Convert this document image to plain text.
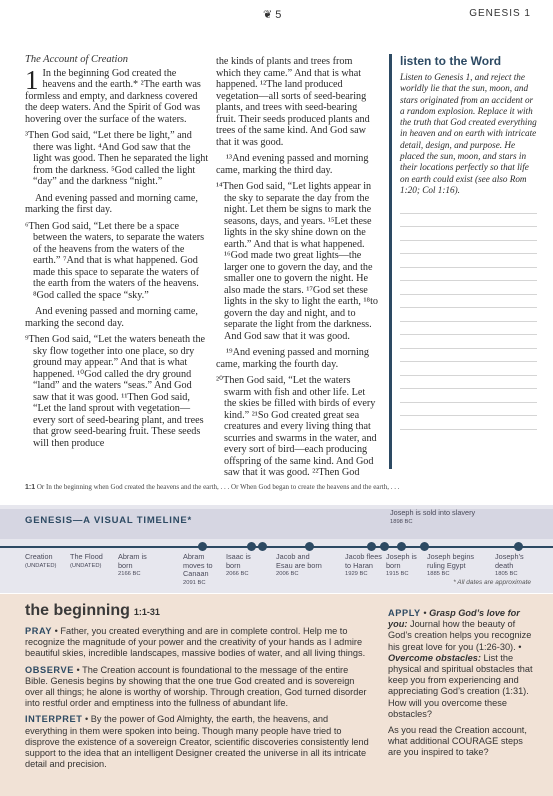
❦ 5	GENESIS 1
The Account of Creation

1 In the beginning God created the heavens and the earth.* ²The earth was formless and empty, and darkness covered the deep waters. And the Spirit of God was hovering over the surface of the waters.

³Then God said, “Let there be light,” and there was light. ⁴And God saw that the light was good. Then he separated the light from the darkness. ⁵God called the light “day” and the darkness “night.”

And evening passed and morning came, marking the first day.

⁶Then God said, “Let there be a space between the waters, to separate the waters of the heavens from the waters of the earth.” ⁷And that is what happened. God made this space to separate the waters of the earth from the waters of the heavens. ⁸God called the space “sky.”

And evening passed and morning came, marking the second day.

⁹Then God said, “Let the waters beneath the sky flow together into one place, so dry ground may appear.” And that is what happened. ¹⁰God called the dry ground “land” and the waters “seas.” And God saw that it was good. ¹¹Then God said, “Let the land sprout with vegetation—every sort of seed-bearing plant, and trees that grow seed-bearing fruit. These seeds will then produce

the kinds of plants and trees from which they came.” And that is what happened. ¹²The land produced vegetation—all sorts of seed-bearing plants, and trees with seed-bearing fruit. Their seeds produced plants and trees of the same kind. And God saw that it was good.

¹³And evening passed and morning came, marking the third day.

¹⁴Then God said, “Let lights appear in the sky to separate the day from the night. Let them be signs to mark the seasons, days, and years. ¹⁵Let these lights in the sky shine down on the earth.” And that is what happened. ¹⁶God made two great lights—the larger one to govern the day, and the smaller one to govern the night. He also made the stars. ¹⁷God set these lights in the sky to light the earth, ¹⁸to govern the day and night, and to separate the light from the darkness. And God saw that it was good.

¹⁹And evening passed and morning came, marking the fourth day.

²⁰Then God said, “Let the waters swarm with fish and other life. Let the skies be filled with birds of every kind.” ²¹So God created great sea creatures and every living thing that scurries and swarms in the water, and every sort of bird—each producing offspring of the same kind. And God saw that it was good. ²²Then God

listen to the Word

Listen to Genesis 1, and reject the worldly lie that the sun, moon, and stars originated from an accident or a random explosion. Replace it with the truth that God created everything in heaven and on earth with intricate detail, design, and purpose. He placed the sun, moon, and stars in their locations perfectly so that life on earth could exist (see also Rom 1:20; Col 1:16).

1:1 Or In the beginning when God created the heavens and the earth, . . . Or When God began to create the heavens and the earth, . . .
GENESIS—A VISUAL TIMELINE*
Joseph is sold into slavery
1898 BC
Creation
(UNDATED)
The Flood
(UNDATED)
Abram is born
2166 BC
Abram moves to Canaan
2091 BC
Isaac is born
2066 BC
Jacob and Esau are born
2006 BC
Jacob flees to Haran
1929 BC
Joseph is born
1915 BC
Joseph begins ruling Egypt
1885 BC
Joseph’s death
1805 BC
* All dates are approximate
the beginning 1:1-31

PRAY • Father, you created everything and are in complete control. Help me to recognize the magnitude of your power and the creativity of your hands as I admire beautiful skies, incredible landscapes, massive bodies of water, and all living things.

OBSERVE • The Creation account is foundational to the message of the entire Bible. Genesis begins by showing that the one true God created and is sovereign over all things; he alone is worthy of worship. Through creation, God turned disorder into restful order and emptiness into the fullness of abundant life.

INTERPRET • By the power of God Almighty, the earth, the heavens, and everything in them were spoken into being. Though many people have tried to disprove the existence of a sovereign Creator, scientific discoveries consistently lend support to the idea that an intelligent Designer created the universe in all its intricate detail and precision.

APPLY • Grasp God’s love for you: Journal how the beauty of God’s creation helps you recognize his great love for you (1:26-30). • Overcome obstacles: List the physical and spiritual obstacles that keep you from experiencing and appreciating God’s creation (1:31). How will you overcome these obstacles?

As you read the Creation account, what additional COURAGE steps are you inspired to take?
